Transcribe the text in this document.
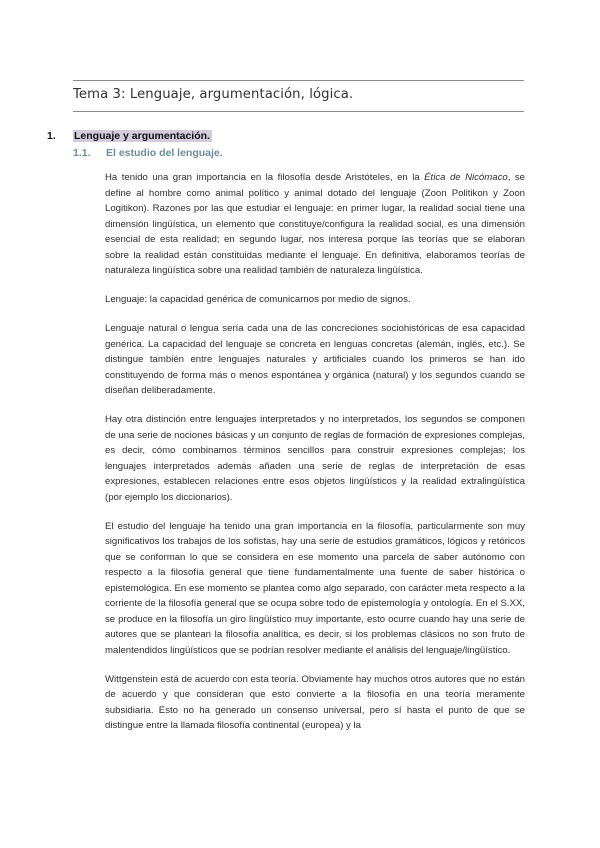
Tema 3: Lenguaje, argumentación, lógica.
1. Lenguaje y argumentación.
1.1. El estudio del lenguaje.

Ha tenido una gran importancia en la filosofía desde Aristóteles, en la Ética de Nicómaco, se define al hombre como animal político y animal dotado del lenguaje (Zoon Politikon y Zoon Logitikon). Razones por las que estudiar el lenguaje: en primer lugar, la realidad social tiene una dimensión lingüística, un elemento que constituye/configura la realidad social, es una dimensión esencial de esta realidad; en segundo lugar, nos interesa porque las teorías que se elaboran sobre la realidad están constituidas mediante el lenguaje. En definitiva, elaboramos teorías de naturaleza lingüística sobre una realidad también de naturaleza lingüística.

Lenguaje: la capacidad genérica de comunicarnos por medio de signos.

Lenguaje natural o lengua sería cada una de las concreciones sociohistóricas de esa capacidad genérica. La capacidad del lenguaje se concreta en lenguas concretas (alemán, inglés, etc.). Se distingue también entre lenguajes naturales y artificiales cuando los primeros se han ido constituyendo de forma más o menos espontánea y orgánica (natural) y los segundos cuando se diseñan deliberadamente.

Hay otra distinción entre lenguajes interpretados y no interpretados, los segundos se componen de una serie de nociones básicas y un conjunto de reglas de formación de expresiones complejas, es decir, cómo combinamos términos sencillos para construir expresiones complejas; los lenguajes interpretados además añaden una serie de reglas de interpretación de esas expresiones, establecen relaciones entre esos objetos lingüísticos y la realidad extralingüística (por ejemplo los diccionarios).

El estudio del lenguaje ha tenido una gran importancia en la filosofía, particularmente son muy significativos los trabajos de los sofistas, hay una serie de estudios gramáticos, lógicos y retóricos que se conforman lo que se considera en ese momento una parcela de saber autónomo con respecto a la filosofía general que tiene fundamentalmente una fuente de saber histórica o epistemológica. En ese momento se plantea como algo separado, con carácter meta respecto a la corriente de la filosofía general que se ocupa sobre todo de epistemología y ontología. En el S.XX, se produce en la filosofía un giro lingüístico muy importante, esto ocurre cuando hay una serie de autores que se plantean la filosofía analítica, es decir, si los problemas clásicos no son fruto de malentendidos lingüísticos que se podrían resolver mediante el análisis del lenguaje/lingüístico.

Wittgenstein está de acuerdo con esta teoría. Obviamente hay muchos otros autores que no están de acuerdo y que consideran que esto convierte a la filosofía en una teoría meramente subsidiaria. Esto no ha generado un consenso universal, pero sí hasta el punto de que se distingue entre la llamada filosofía continental (europea) y la
